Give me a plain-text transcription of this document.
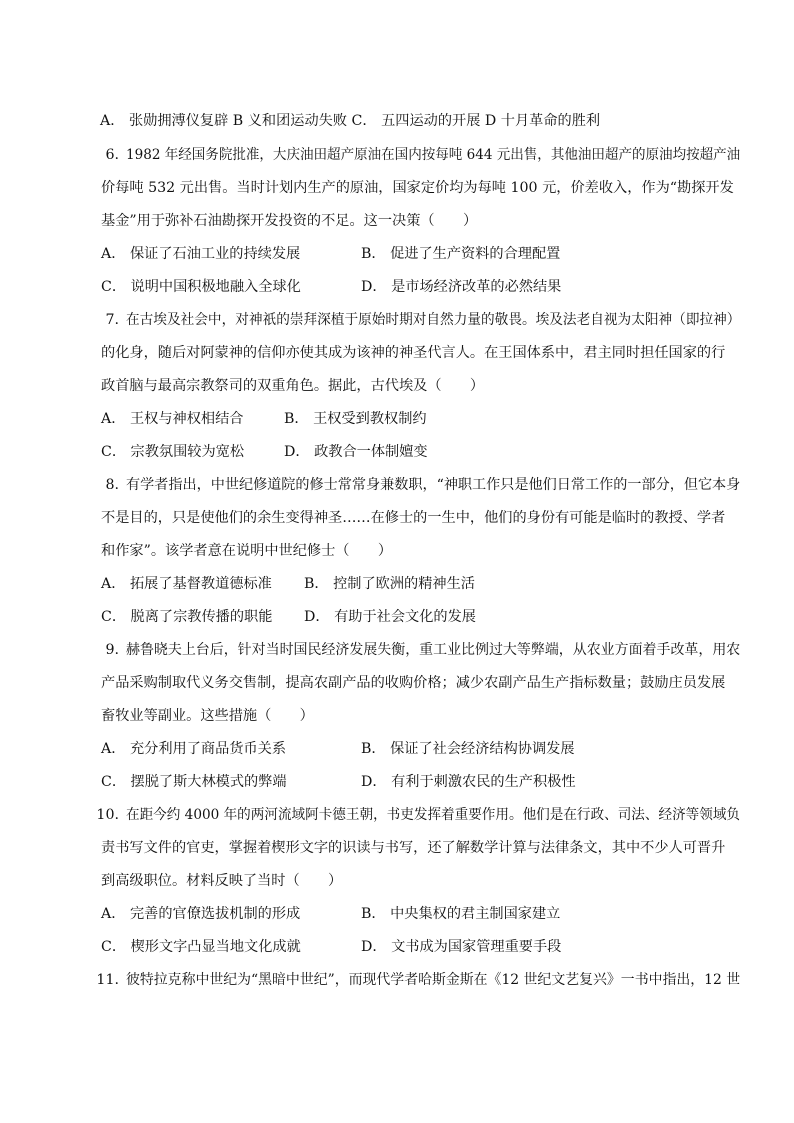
A． 张勋拥溥仪复辟 B 义和团运动失败 C． 五四运动的开展 D 十月革命的胜利
6. 1982 年经国务院批准，大庆油田超产原油在国内按每吨 644 元出售，其他油田超产的原油均按超产油
价每吨 532 元出售。当时计划内生产的原油，国家定价均为每吨 100 元，价差收入，作为“勘探开发
基金”用于弥补石油勘探开发投资的不足。这一决策（　　）
A． 保证了石油工业的持续发展	B． 促进了生产资料的合理配置
C． 说明中国积极地融入全球化	D． 是市场经济改革的必然结果
7. 在古埃及社会中，对神祇的崇拜深植于原始时期对自然力量的敬畏。埃及法老自视为太阳神（即拉神）
的化身，随后对阿蒙神的信仰亦使其成为该神的神圣代言人。在王国体系中，君主同时担任国家的行
政首脑与最高宗教祭司的双重角色。据此，古代埃及（　　）
A． 王权与神权相结合	B． 王权受到教权制约
C． 宗教氛围较为宽松	D． 政教合一体制嬗变
8. 有学者指出，中世纪修道院的修士常常身兼数职，“神职工作只是他们日常工作的一部分，但它本身
不是目的，只是使他们的余生变得神圣……在修士的一生中，他们的身份有可能是临时的教授、学者
和作家”。该学者意在说明中世纪修士（　　）
A． 拓展了基督教道德标准 B． 控制了欧洲的精神生活
C． 脱离了宗教传播的职能 D． 有助于社会文化的发展
9. 赫鲁晓夫上台后，针对当时国民经济发展失衡，重工业比例过大等弊端，从农业方面着手改革，用农
产品采购制取代义务交售制，提高农副产品的收购价格；减少农副产品生产指标数量；鼓励庄员发展
畜牧业等副业。这些措施（　　）
A． 充分利用了商品货币关系	B． 保证了社会经济结构协调发展
C． 摆脱了斯大林模式的弊端	D． 有利于刺激农民的生产积极性
10. 在距今约 4000 年的两河流域阿卡德王朝，书吏发挥着重要作用。他们是在行政、司法、经济等领域负
责书写文件的官吏，掌握着楔形文字的识读与书写，还了解数学计算与法律条文，其中不少人可晋升
到高级职位。材料反映了当时（　　）
A． 完善的官僚选拔机制的形成	B． 中央集权的君主制国家建立
C． 楔形文字凸显当地文化成就	D． 文书成为国家管理重要手段
11. 彼特拉克称中世纪为“黑暗中世纪”，而现代学者哈斯金斯在《12 世纪文艺复兴》一书中指出，12 世
